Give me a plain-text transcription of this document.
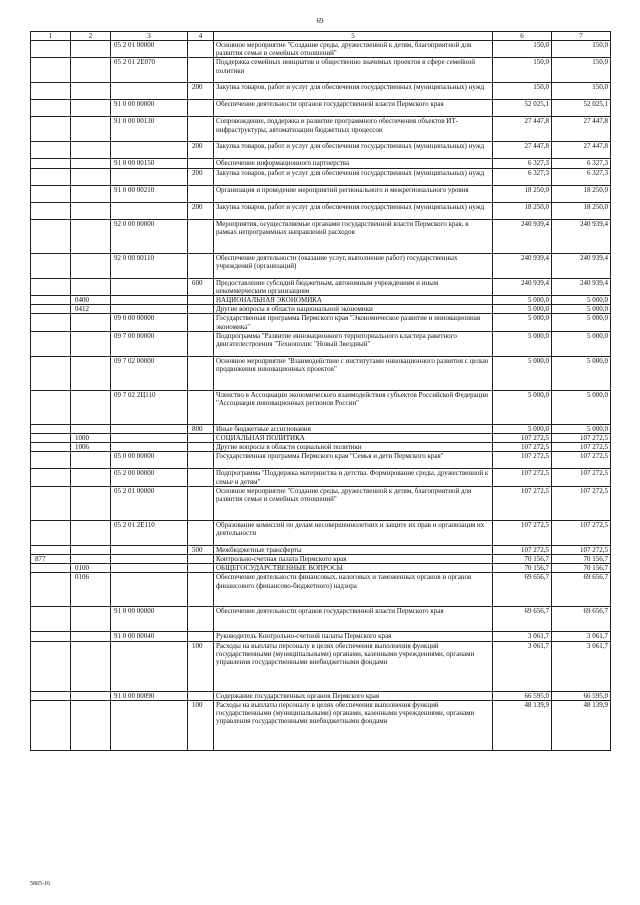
69
1	2	3	4	5	6	7
		05 2 01 00000		Основное мероприятие "Создание среды, дружественной к детям, благоприятной для развития семьи и семейных отношений"	150,0	150,0
		05 2 01 2Е070		Поддержка семейных инициатив и общественно значимых проектов в сфере семейной политики	150,0	150,0
			200	Закупка товаров, работ и услуг для обеспечения государственных (муниципальных) нужд	150,0	150,0
		91 0 00 00000		Обеспечение деятельности органов государственной власти Пермского края	52 025,1	52 025,1
		91 0 00 00130		Сопровождение, поддержка и развитие программного обеспечения объектов ИТ-инфраструктуры, автоматизации бюджетных процессов	27 447,8	27 447,8
			200	Закупка товаров, работ и услуг для обеспечения государственных (муниципальных) нужд	27 447,8	27 447,8
		91 0 00 00150		Обеспечение информационного партнерства	6 327,3	6 327,3
			200	Закупка товаров, работ и услуг для обеспечения государственных (муниципальных) нужд	6 327,3	6 327,3
		91 0 00 00210		Организация и проведение мероприятий регионального и межрегионального уровня	18 250,0	18 250,0
			200	Закупка товаров, работ и услуг для обеспечения государственных (муниципальных) нужд	18 250,0	18 250,0
		92 0 00 00000		Мероприятия, осуществляемые органами государственной власти Пермского края, в рамках непрограммных направлений расходов	240 939,4	240 939,4
		92 0 00 00110		Обеспечение деятельности (оказание услуг, выполнение работ) государственных учреждений (организаций)	240 939,4	240 939,4
			600	Предоставление субсидий бюджетным, автономным учреждениям и иным некоммерческим организациям	240 939,4	240 939,4
	0400			НАЦИОНАЛЬНАЯ ЭКОНОМИКА	5 000,0	5 000,0
	0412			Другие вопросы в области национальной экономики	5 000,0	5 000,0
		09 0 00 00000		Государственная программа Пермского края "Экономическое развитие и инновационная экономика"	5 000,0	5 000,0
		09 7 00 00000		Подпрограмма "Развитие инновационного территориального кластера ракетного двигателестроения "Технополис "Новый Звездный"	5 000,0	5 000,0
		09 7 02 00000		Основное мероприятие "Взаимодействие с институтами инновационного развития с целью продвижения инновационных проектов"	5 000,0	5 000,0
		09 7 02 2Ц110		Членство в Ассоциации экономического взаимодействия субъектов Российской Федерации "Ассоциация инновационных регионов России"	5 000,0	5 000,0
			800	Иные бюджетные ассигнования	5 000,0	5 000,0
	1000			СОЦИАЛЬНАЯ ПОЛИТИКА	107 272,5	107 272,5
	1006			Другие вопросы в области социальной политики	107 272,5	107 272,5
		05 0 00 00000		Государственная программа Пермского края "Семья и дети Пермского края"	107 272,5	107 272,5
		05 2 00 00000		Подпрограмма "Поддержка материнства и детства. Формирование среды, дружественной к семье и детям"	107 272,5	107 272,5
		05 2 01 00000		Основное мероприятие "Создание среды, дружественной к детям, благоприятной для развития семьи и семейных отношений"	107 272,5	107 272,5
		05 2 01 2Е110		Образование комиссий по делам несовершеннолетних и защите их прав и организация их деятельности	107 272,5	107 272,5
			500	Межбюджетные трансферты	107 272,5	107 272,5
877				Контрольно-счетная палата Пермского края	70 156,7	70 156,7
	0100			ОБЩЕГОСУДАРСТВЕННЫЕ ВОПРОСЫ	70 156,7	70 156,7
	0106			Обеспечение деятельности финансовых, налоговых и таможенных органов и органов финансового (финансово-бюджетного) надзора	69 656,7	69 656,7
		91 0 00 00000		Обеспечение деятельности органов государственной власти Пермского края	69 656,7	69 656,7
		91 0 00 00040		Руководитель Контрольно-счетной палаты Пермского края	3 061,7	3 061,7
			100	Расходы на выплаты персоналу в целях обеспечения выполнения функций государственными (муниципальными) органами, казенными учреждениями, органами управления государственными внебюджетными фондами	3 061,7	3 061,7
		91 0 00 00090		Содержание государственных органов Пермского края	66 595,0	66 595,0
			100	Расходы на выплаты персоналу в целях обеспечения выполнения функций государственными (муниципальными) органами, казенными учреждениями, органами управления государственными внебюджетными фондами	48 139,9	48 139,9
5865-16
